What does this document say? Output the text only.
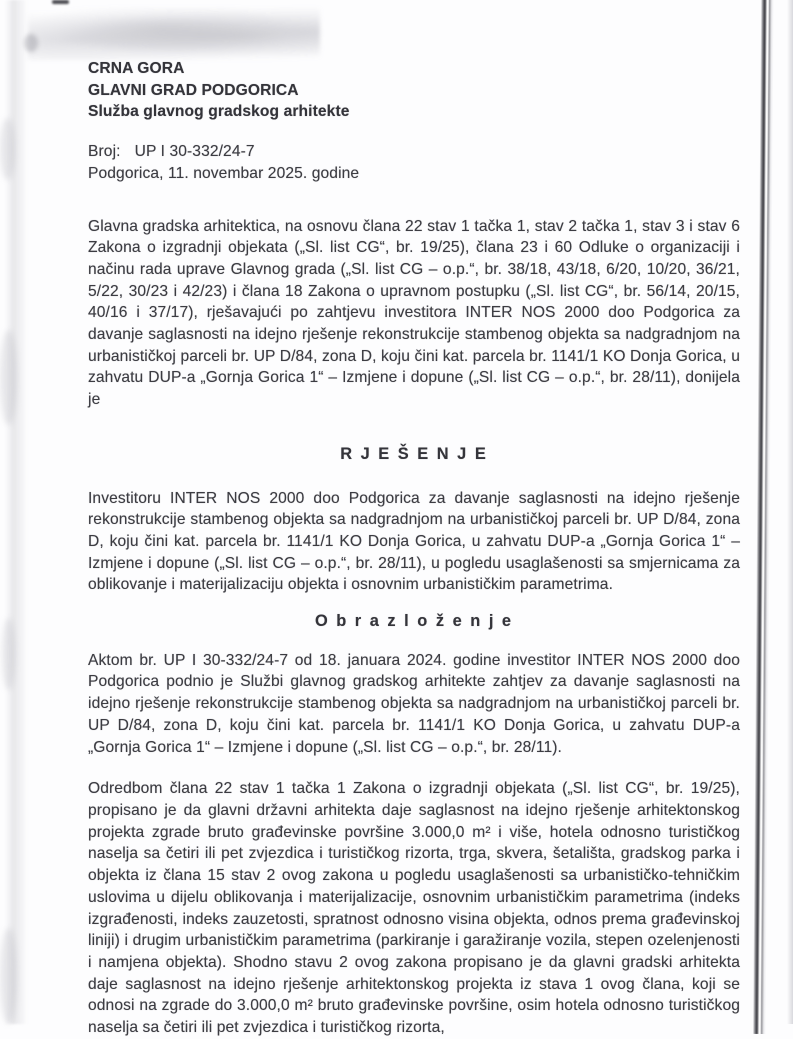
CRNA GORA
GLAVNI GRAD PODGORICA
Služba glavnog gradskog arhitekte
Broj: UP I 30-332/24-7
Podgorica, 11. novembar 2025. godine

Glavna gradska arhitektica, na osnovu člana 22 stav 1 tačka 1, stav 2 tačka 1, stav 3 i stav 6 Zakona o izgradnji objekata („Sl. list CG“, br. 19/25), člana 23 i 60 Odluke o organizaciji i načinu rada uprave Glavnog grada („Sl. list CG – o.p.“, br. 38/18, 43/18, 6/20, 10/20, 36/21, 5/22, 30/23 i 42/23) i člana 18 Zakona o upravnom postupku („Sl. list CG“, br. 56/14, 20/15, 40/16 i 37/17), rješavajući po zahtjevu investitora INTER NOS 2000 doo Podgorica za davanje saglasnosti na idejno rješenje rekonstrukcije stambenog objekta sa nadgradnjom na urbanističkoj parceli br. UP D/84, zona D, koju čini kat. parcela br. 1141/1 KO Donja Gorica, u zahvatu DUP-a „Gornja Gorica 1“ – Izmjene i dopune („Sl. list CG – o.p.“, br. 28/11), donijela je

R J E Š E N J E

Investitoru INTER NOS 2000 doo Podgorica za davanje saglasnosti na idejno rješenje rekonstrukcije stambenog objekta sa nadgradnjom na urbanističkoj parceli br. UP D/84, zona D, koju čini kat. parcela br. 1141/1 KO Donja Gorica, u zahvatu DUP-a „Gornja Gorica 1“ – Izmjene i dopune („Sl. list CG – o.p.“, br. 28/11), u pogledu usaglašenosti sa smjernicama za oblikovanje i materijalizaciju objekta i osnovnim urbanističkim parametrima.

O b r a z l o ž e n j e

Aktom br. UP I 30-332/24-7 od 18. januara 2024. godine investitor INTER NOS 2000 doo Podgorica podnio je Službi glavnog gradskog arhitekte zahtjev za davanje saglasnosti na idejno rješenje rekonstrukcije stambenog objekta sa nadgradnjom na urbanističkoj parceli br. UP D/84, zona D, koju čini kat. parcela br. 1141/1 KO Donja Gorica, u zahvatu DUP-a „Gornja Gorica 1“ – Izmjene i dopune („Sl. list CG – o.p.“, br. 28/11).

Odredbom člana 22 stav 1 tačka 1 Zakona o izgradnji objekata („Sl. list CG“, br. 19/25), propisano je da glavni državni arhitekta daje saglasnost na idejno rješenje arhitektonskog projekta zgrade bruto građevinske površine 3.000,0 m² i više, hotela odnosno turističkog naselja sa četiri ili pet zvjezdica i turističkog rizorta, trga, skvera, šetališta, gradskog parka i objekta iz člana 15 stav 2 ovog zakona u pogledu usaglašenosti sa urbanističko-tehničkim uslovima u dijelu oblikovanja i materijalizacije, osnovnim urbanističkim parametrima (indeks izgrađenosti, indeks zauzetosti, spratnost odnosno visina objekta, odnos prema građevinskoj liniji) i drugim urbanističkim parametrima (parkiranje i garažiranje vozila, stepen ozelenjenosti i namjena objekta). Shodno stavu 2 ovog zakona propisano je da glavni gradski arhitekta daje saglasnost na idejno rješenje arhitektonskog projekta iz stava 1 ovog člana, koji se odnosi na zgrade do 3.000,0 m² bruto građevinske površine, osim hotela odnosno turističkog naselja sa četiri ili pet zvjezdica i turističkog rizorta,
